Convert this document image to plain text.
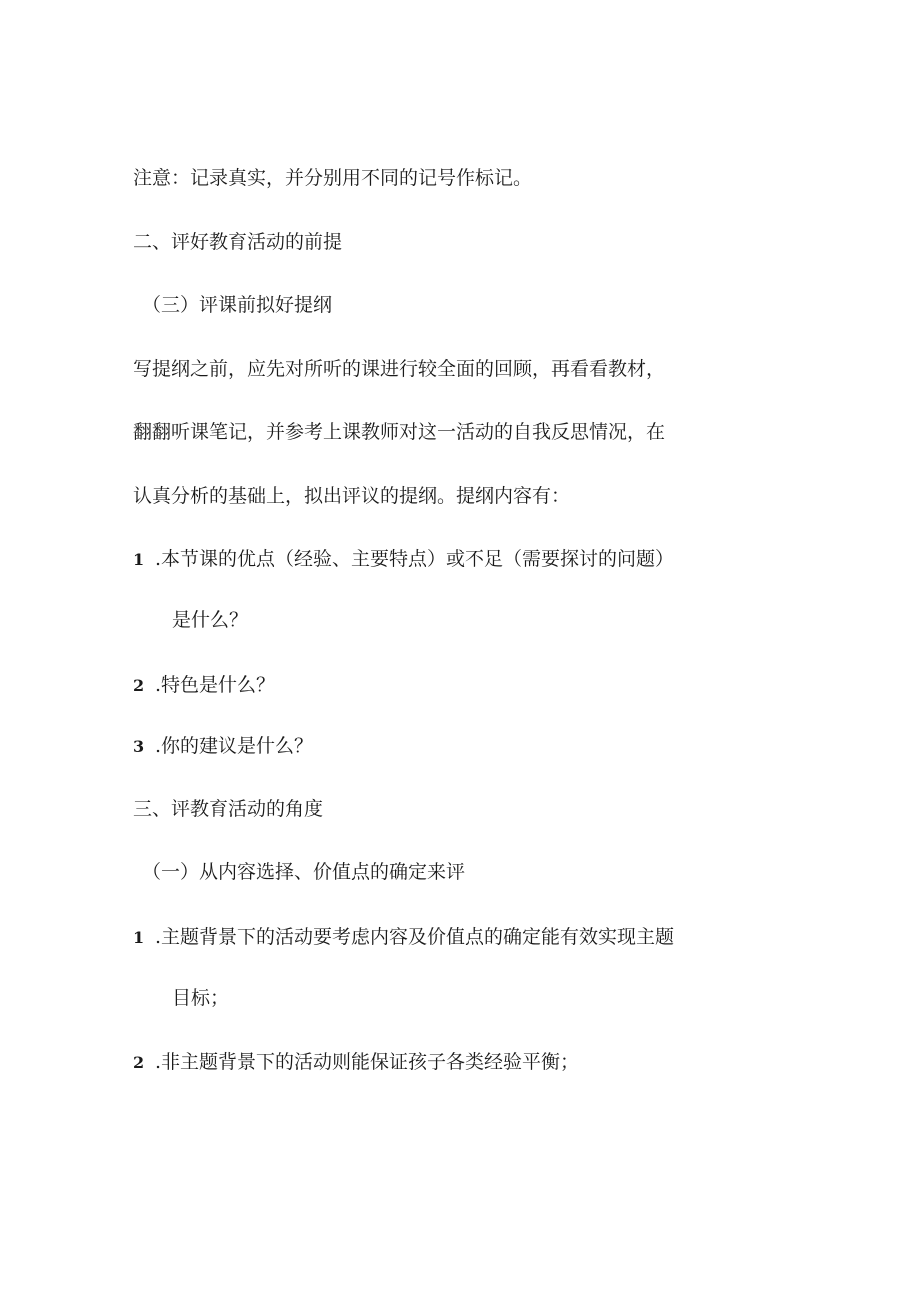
注意：记录真实，并分别用不同的记号作标记。
二、评好教育活动的前提
（三）评课前拟好提纲
写提纲之前，应先对所听的课进行较全面的回顾，再看看教材，
翻翻听课笔记，并参考上课教师对这一活动的自我反思情况，在
认真分析的基础上，拟出评议的提纲。提纲内容有：
1 .本节课的优点（经验、主要特点）或不足（需要探讨的问题）
是什么？
2 .特色是什么？
3 .你的建议是什么？
三、评教育活动的角度
（一）从内容选择、价值点的确定来评
1 .主题背景下的活动要考虑内容及价值点的确定能有效实现主题
目标；
2 .非主题背景下的活动则能保证孩子各类经验平衡；
